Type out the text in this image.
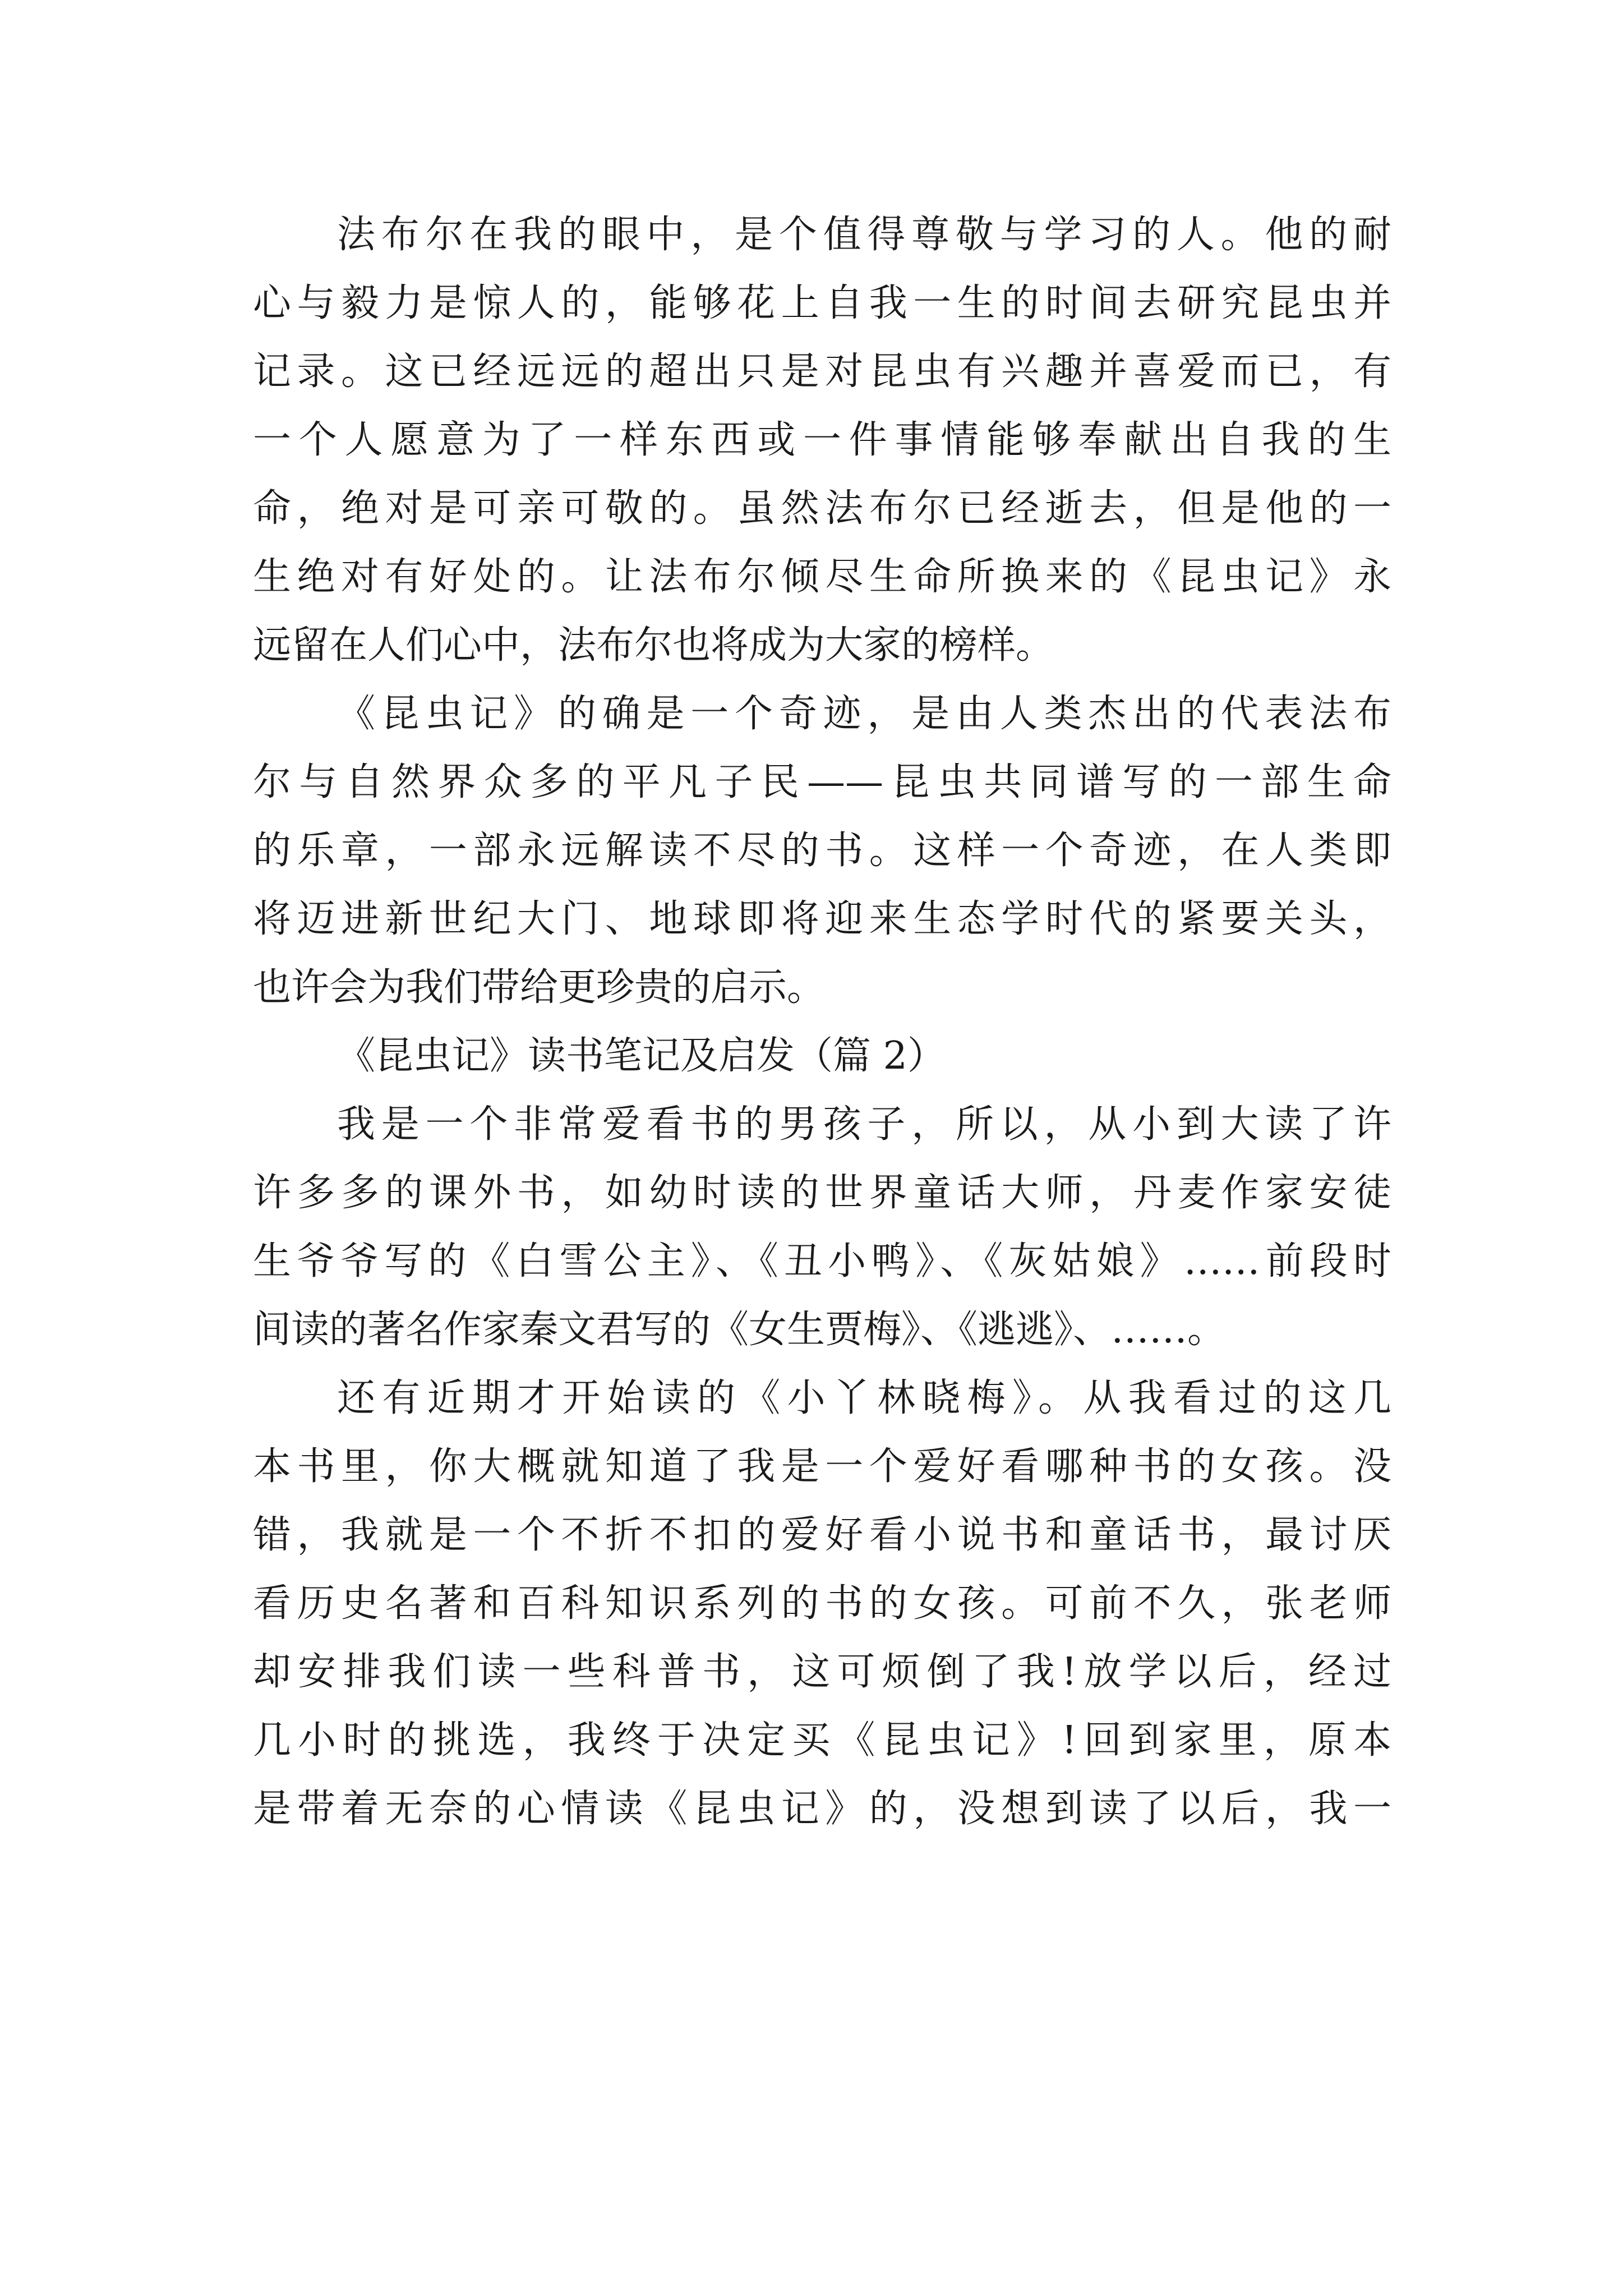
法布尔在我的眼中，是个值得尊敬与学习的人。他的耐
心与毅力是惊人的，能够花上自我一生的时间去研究昆虫并
记录。这已经远远的超出只是对昆虫有兴趣并喜爱而已，有
一个人愿意为了一样东西或一件事情能够奉献出自我的生
命，绝对是可亲可敬的。虽然法布尔已经逝去，但是他的一
生绝对有好处的。让法布尔倾尽生命所换来的《昆虫记》永
远留在人们心中，法布尔也将成为大家的榜样。
《昆虫记》的确是一个奇迹，是由人类杰出的代表法布
尔与自然界众多的平凡子民——昆虫共同谱写的一部生命
的乐章，一部永远解读不尽的书。这样一个奇迹，在人类即
将迈进新世纪大门、地球即将迎来生态学时代的紧要关头，
也许会为我们带给更珍贵的启示。
《昆虫记》读书笔记及启发（篇 2）
我是一个非常爱看书的男孩子，所以，从小到大读了许
许多多的课外书，如幼时读的世界童话大师，丹麦作家安徒
生爷爷写的《白雪公主》、《丑小鸭》、《灰姑娘》……前段时
间读的著名作家秦文君写的《女生贾梅》、《逃逃》、……。
还有近期才开始读的《小丫林晓梅》。从我看过的这几
本书里，你大概就知道了我是一个爱好看哪种书的女孩。没
错，我就是一个不折不扣的爱好看小说书和童话书，最讨厌
看历史名著和百科知识系列的书的女孩。可前不久，张老师
却安排我们读一些科普书，这可烦倒了我!放学以后，经过
几小时的挑选，我终于决定买《昆虫记》!回到家里，原本
是带着无奈的心情读《昆虫记》的，没想到读了以后，我一
